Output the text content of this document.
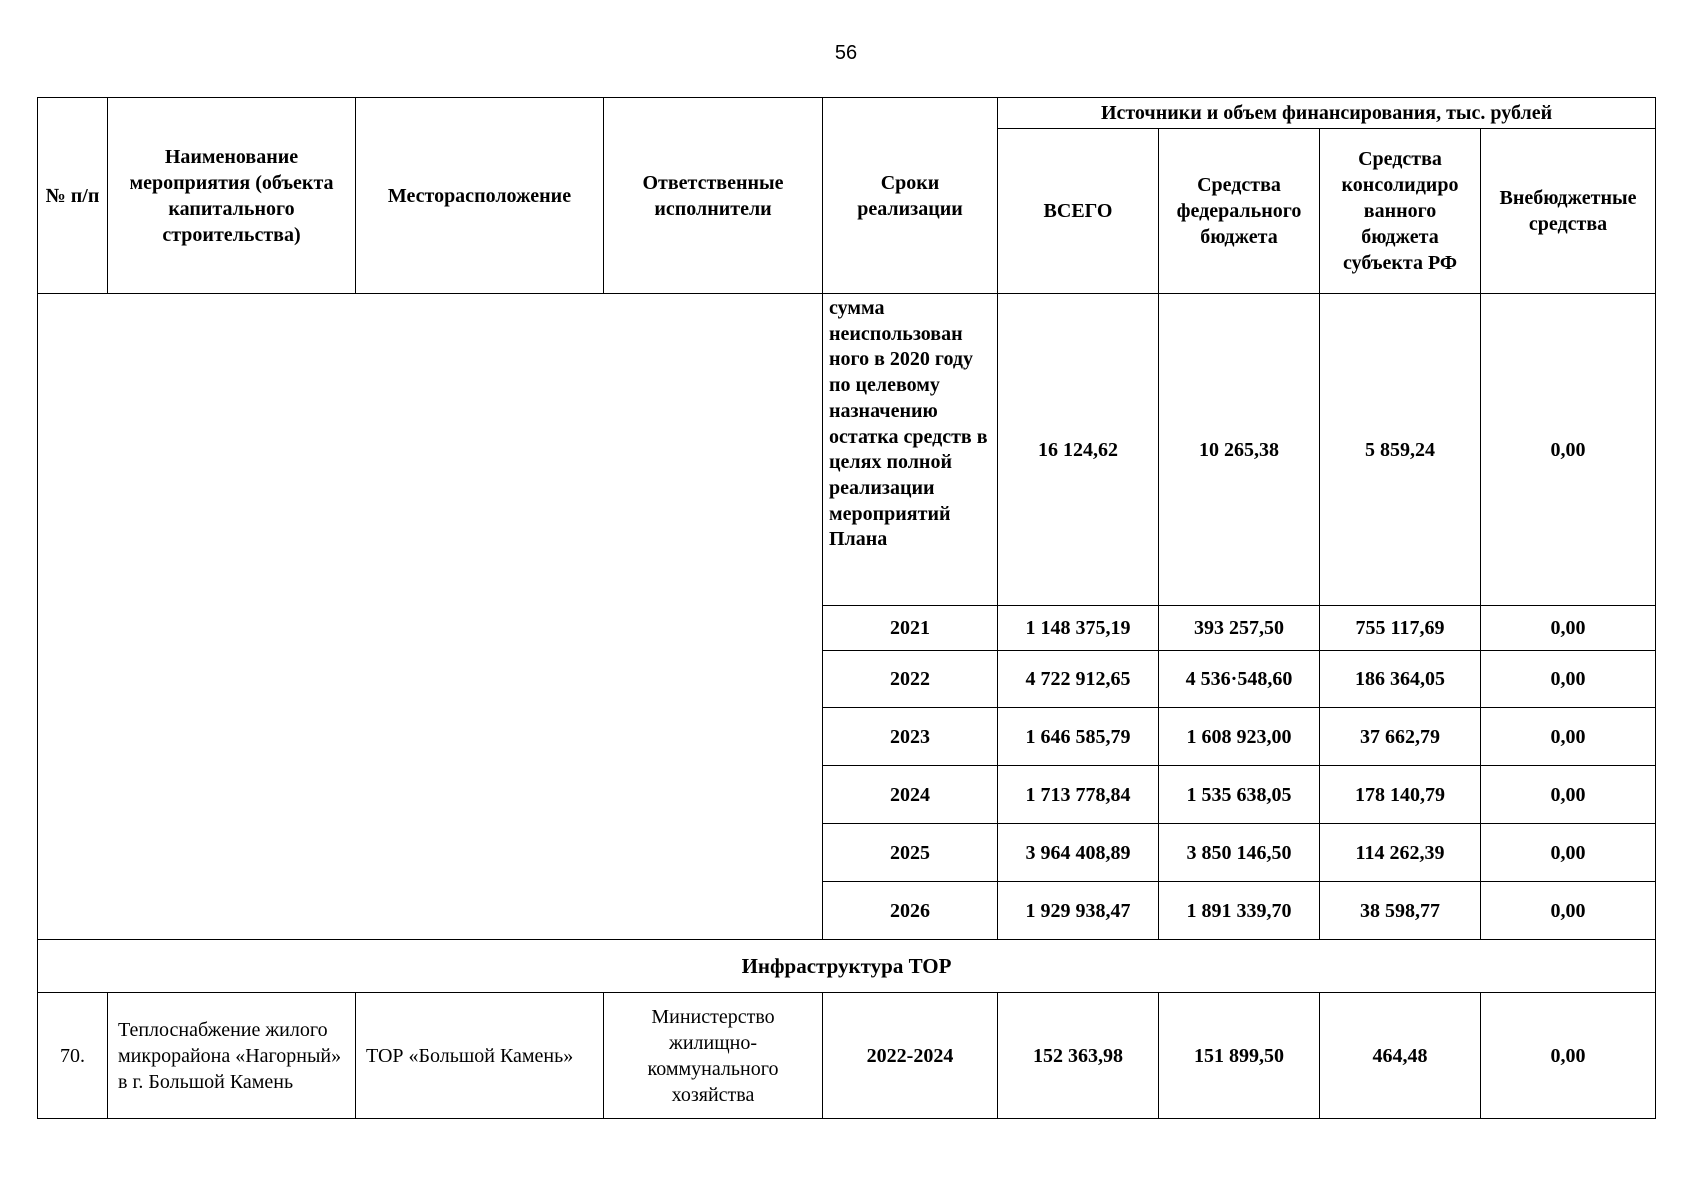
56
№ п/п	Наименование мероприятия (объекта капитального строительства)	Месторасположение	Ответственные исполнители	Сроки реализации	Источники и объем финансирования, тыс. рублей			
					ВСЕГО	Средства федерального бюджета	Средства консолидиро ванного бюджета субъекта РФ	Внебюджетные средства
				сумма неиспользован ного в 2020 году по целевому назначению остатка средств в целях полной реализации мероприятий Плана	16 124,62	10 265,38	5 859,24	0,00
				2021	1 148 375,19	393 257,50	755 117,69	0,00
				2022	4 722 912,65	4 536·548,60	186 364,05	0,00
				2023	1 646 585,79	1 608 923,00	37 662,79	0,00
				2024	1 713 778,84	1 535 638,05	178 140,79	0,00
				2025	3 964 408,89	3 850 146,50	114 262,39	0,00
				2026	1 929 938,47	1 891 339,70	38 598,77	0,00
Инфраструктура ТОР								
70.	Теплоснабжение жилого микрорайона «Нагорный» в г. Большой Камень	ТОР «Большой Камень»	Министерство жилищно-коммунального хозяйства	2022-2024	152 363,98	151 899,50	464,48	0,00
